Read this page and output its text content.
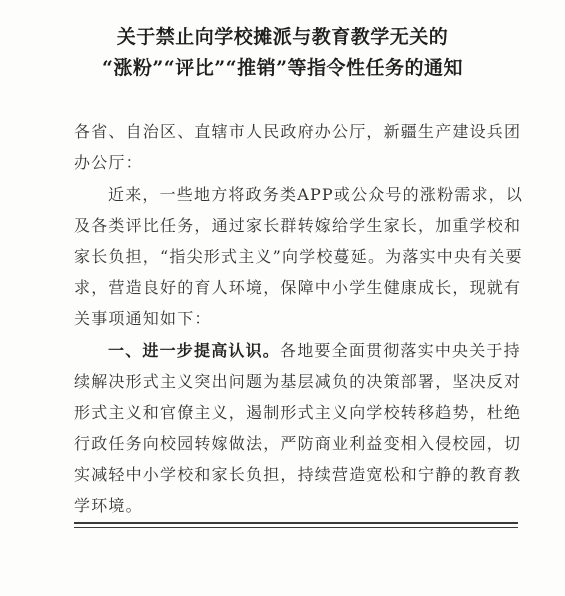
关于禁止向学校摊派与教育教学无关的
“涨粉”“评比”“推销”等指令性任务的通知
各省、自治区、直辖市人民政府办公厅，新疆生产建设兵团
办公厅：
近来，一些地方将政务类APP或公众号的涨粉需求，以
及各类评比任务，通过家长群转嫁给学生家长，加重学校和
家长负担，“指尖形式主义”向学校蔓延。为落实中央有关要
求，营造良好的育人环境，保障中小学生健康成长，现就有
关事项通知如下：
一、进一步提高认识。各地要全面贯彻落实中央关于持
续解决形式主义突出问题为基层减负的决策部署，坚决反对
形式主义和官僚主义，遏制形式主义向学校转移趋势，杜绝
行政任务向校园转嫁做法，严防商业利益变相入侵校园，切
实减轻中小学校和家长负担，持续营造宽松和宁静的教育教
学环境。
